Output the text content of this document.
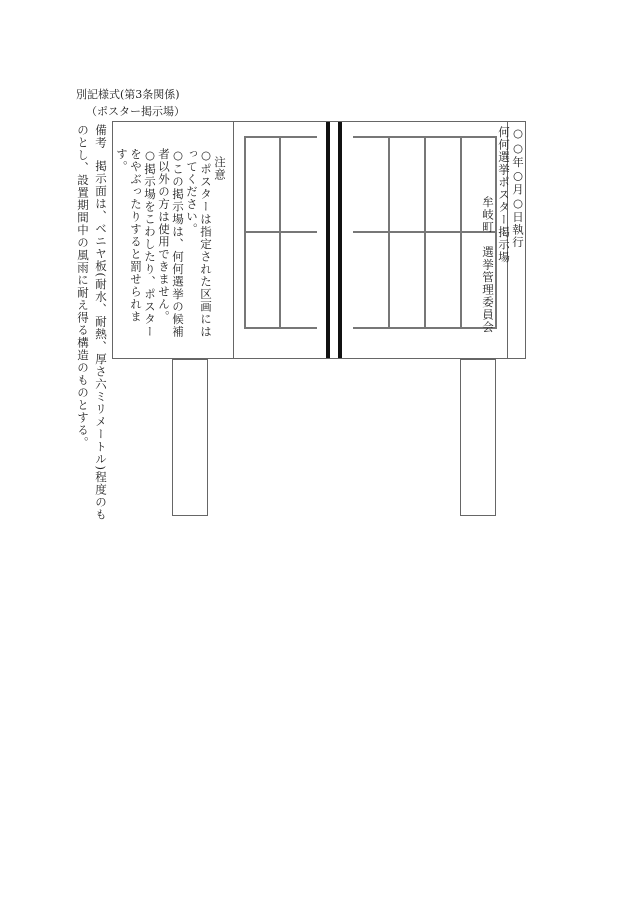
別記様式(第3条関係)
（ポスター掲示場）
備考
掲示面は、ベニヤ板(耐水、耐熱、厚さ六ミリメートル)程度のも
のとし、設置期間中の風雨に耐え得る構造のものとする。	注意
○ポスターは指定された区画には
ってください。
○この掲示場は、何何選挙の候補
者以外の方は使用できません。
○掲示場をこわしたり、ポスター
をやぶったりすると罰せられま
す。	○○年○月○日執行
何何選挙ポスター掲示場
牟岐町　選挙管理委員会
